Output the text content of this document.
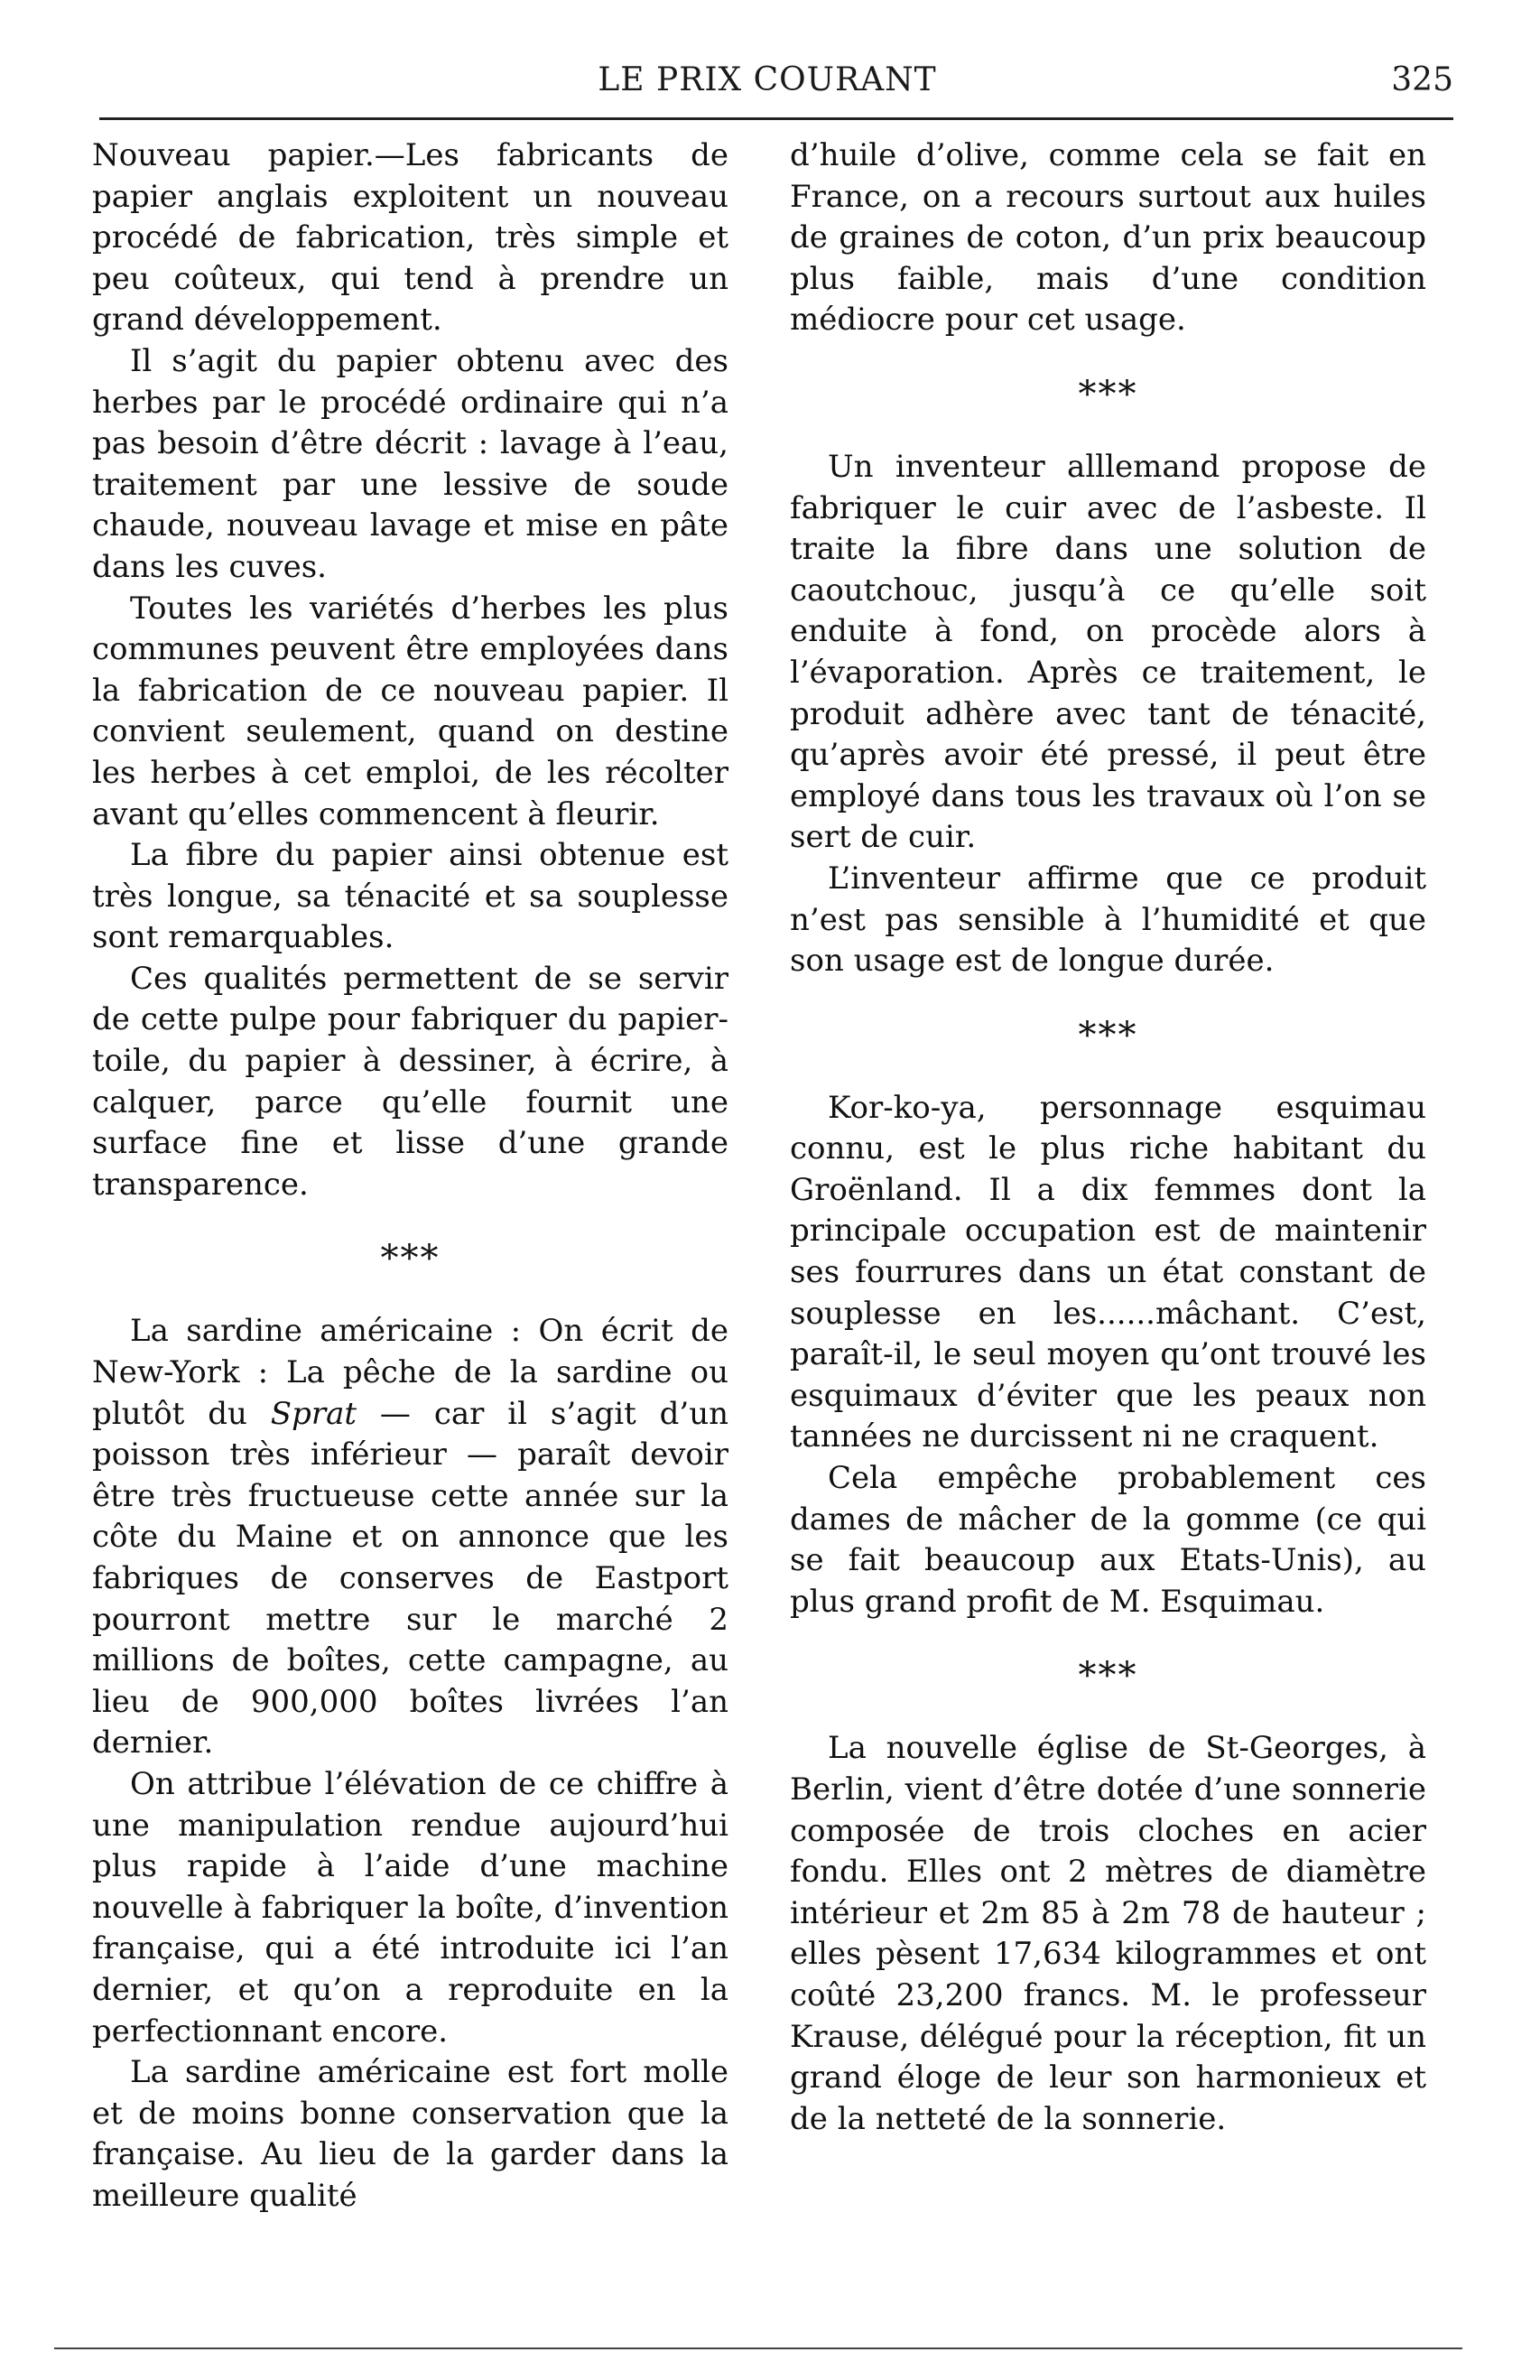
LE PRIX COURANT	325

Nouveau papier.—Les fabricants de papier anglais exploitent un nouveau procédé de fabrication, très simple et peu coûteux, qui tend à prendre un grand développement.

Il s’agit du papier obtenu avec des herbes par le procédé ordinaire qui n’a pas besoin d’être décrit : lavage à l’eau, traitement par une lessive de soude chaude, nouveau lavage et mise en pâte dans les cuves.

Toutes les variétés d’herbes les plus communes peuvent être employées dans la fabrication de ce nouveau papier. Il convient seulement, quand on destine les herbes à cet emploi, de les récolter avant qu’elles commencent à fleurir.

La fibre du papier ainsi obtenue est très longue, sa ténacité et sa souplesse sont remarquables.

Ces qualités permettent de se servir de cette pulpe pour fabriquer du papier-toile, du papier à dessiner, à écrire, à calquer, parce qu’elle fournit une surface fine et lisse d’une grande transparence.

***

La sardine américaine : On écrit de New-York : La pêche de la sardine ou plutôt du Sprat — car il s’agit d’un poisson très inférieur — paraît devoir être très fructueuse cette année sur la côte du Maine et on annonce que les fabriques de conserves de Eastport pourront mettre sur le marché 2 millions de boîtes, cette campagne, au lieu de 900,000 boîtes livrées l’an dernier.

On attribue l’élévation de ce chiffre à une manipulation rendue aujourd’hui plus rapide à l’aide d’une machine nouvelle à fabriquer la boîte, d’invention française, qui a été introduite ici l’an dernier, et qu’on a reproduite en la perfectionnant encore.

La sardine américaine est fort molle et de moins bonne conservation que la française. Au lieu de la garder dans la meilleure qualité

d’huile d’olive, comme cela se fait en France, on a recours surtout aux huiles de graines de coton, d’un prix beaucoup plus faible, mais d’une condition médiocre pour cet usage.

***

Un inventeur alllemand propose de fabriquer le cuir avec de l’asbeste. Il traite la fibre dans une solution de caoutchouc, jusqu’à ce qu’elle soit enduite à fond, on procède alors à l’évaporation. Après ce traitement, le produit adhère avec tant de ténacité, qu’après avoir été pressé, il peut être employé dans tous les travaux où l’on se sert de cuir.

L’inventeur affirme que ce produit n’est pas sensible à l’humidité et que son usage est de longue durée.

***

Kor-ko-ya, personnage esquimau connu, est le plus riche habitant du Groënland. Il a dix femmes dont la principale occupation est de maintenir ses fourrures dans un état constant de souplesse en les......mâchant. C’est, paraît-il, le seul moyen qu’ont trouvé les esquimaux d’éviter que les peaux non tannées ne durcissent ni ne craquent.

Cela empêche probablement ces dames de mâcher de la gomme (ce qui se fait beaucoup aux Etats-Unis), au plus grand profit de M. Esquimau.

***

La nouvelle église de St-Georges, à Berlin, vient d’être dotée d’une sonnerie composée de trois cloches en acier fondu. Elles ont 2 mètres de diamètre intérieur et 2m 85 à 2m 78 de hauteur ; elles pèsent 17,634 kilogrammes et ont coûté 23,200 francs. M. le professeur Krause, délégué pour la réception, fit un grand éloge de leur son harmonieux et de la netteté de la sonnerie.
